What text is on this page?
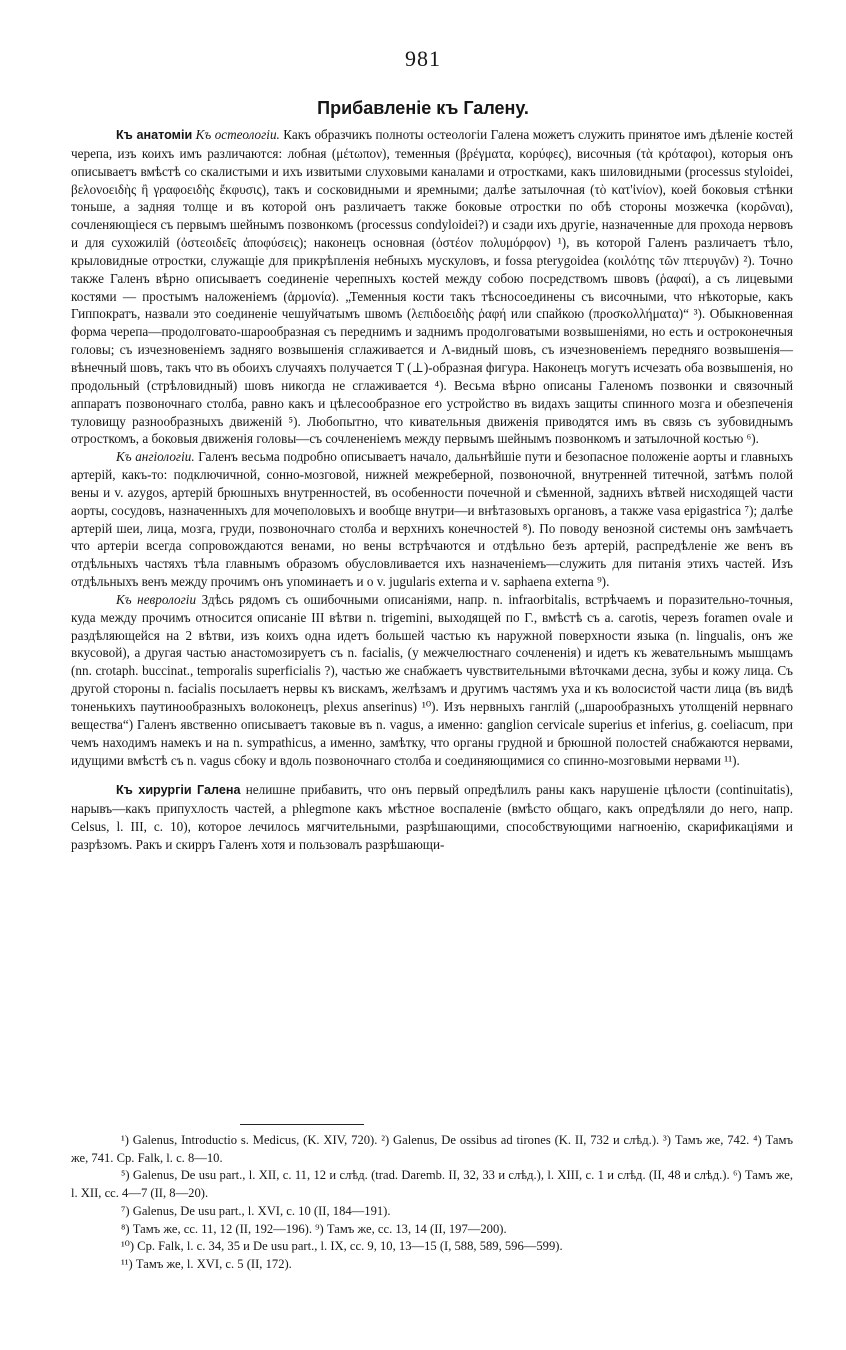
981
Прибавленіе къ Галену.

Къ анатоміи Къ остеологіи. Какъ образчикъ полноты остеологіи Галена можетъ служить принятое имъ дѣленіе костей черепа, изъ коихъ имъ различаются: лобная (μέτωπον), теменныя (βρέγματα, κορύφες), височныя (τὰ κρόταφοι), которыя онъ описываетъ вмѣстѣ со скалистыми и ихъ извитыми слуховыми каналами и отростками, какъ шиловидными (processus styloidei, βελονοειδὴς ἢ γραφοειδὴς ἔκφυσις), такъ и сосковидными и яремными; далѣе затылочная (τὸ κατ'ἰνίον), коей боковыя стѣнки тоньше, а задняя толще и въ которой онъ различаетъ также боковые отростки по обѣ стороны мозжечка (κορῶναι), сочленяющіеся съ первымъ шейнымъ позвонкомъ (processus condyloidei?) и сзади ихъ другіе, назначенные для прохода нервовъ и для сухожилій (ὀστεοιδεῖς ἀποφύσεις); наконецъ основная (ὀστέον πολυμόρφον) ¹), въ которой Галенъ различаетъ тѣло, крыловидные отростки, служащіе для прикрѣпленія небныхъ мускуловъ, и fossa pterygoidea (κοιλότης τῶν πτερυγῶν) ²). Точно также Галенъ вѣрно описываетъ соединеніе черепныхъ костей между собою посредствомъ швовъ (ῥαφαί), а съ лицевыми костями — простымъ наложеніемъ (ἁρμονία). „Теменныя кости такъ тѣсносоединены съ височными, что нѣкоторые, какъ Гиппократъ, назвали это соединеніе чешуйчатымъ швомъ (λεπιδοειδὴς ῥαφή или спайкою (προσκολλήματα)“ ³). Обыкновенная форма черепа—продолговато-шарообразная съ переднимъ и заднимъ продолговатыми возвышеніями, но есть и остроконечныя головы; съ изчезновеніемъ задняго возвышенія сглаживается и Λ-видный шовъ, съ изчезновеніемъ передняго возвышенія—вѣнечный шовъ, такъ что въ обоихъ случаяхъ получается Т (⊥)-образная фигура. Наконецъ могутъ исчезать оба возвышенія, но продольный (стрѣловидный) шовъ никогда не сглаживается ⁴). Весьма вѣрно описаны Галеномъ позвонки и связочный аппаратъ позвоночнаго столба, равно какъ и цѣлесообразное его устройство въ видахъ защиты спинного мозга и обезпеченія туловищу разнообразныхъ движеній ⁵). Любопытно, что кивательныя движенія приводятся имъ въ связь съ зубовиднымъ отросткомъ, а боковыя движенія головы—съ сочлененіемъ между первымъ шейнымъ позвонкомъ и затылочной костью ⁶).

Къ ангіологіи. Галенъ весьма подробно описываетъ начало, дальнѣйшіе пути и безопасное положеніе аорты и главныхъ артерій, какъ-то: подключичной, сонно-мозговой, нижней межреберной, позвоночной, внутренней титечной, затѣмъ полой вены и v. azygos, артерій брюшныхъ внутренностей, въ особенности почечной и сѣменной, заднихъ вѣтвей нисходящей части аорты, сосудовъ, назначенныхъ для мочеполовыхъ и вообще внутри—и внѣтазовыхъ органовъ, а также vasa epigastrica ⁷); далѣе артерій шеи, лица, мозга, груди, позвоночнаго столба и верхнихъ конечностей ⁸). По поводу венозной системы онъ замѣчаетъ что артеріи всегда сопровождаются венами, но вены встрѣчаются и отдѣльно безъ артерій, распредѣленіе же венъ въ отдѣльныхъ частяхъ тѣла главнымъ образомъ обусловливается ихъ назначеніемъ—служить для питанія этихъ частей. Изъ отдѣльныхъ венъ между прочимъ онъ упоминаетъ и о v. jugularis externa и v. saphaena externa ⁹).

Къ неврологіи Здѣсь рядомъ съ ошибочными описаніями, напр. n. infraorbitalis, встрѣчаемъ и поразительно-точныя, куда между прочимъ относится описаніе III вѣтви n. trigemini, выходящей по Г., вмѣстѣ съ a. carotis, черезъ foramen ovale и раздѣляющейся на 2 вѣтви, изъ коихъ одна идетъ большей частью къ наружной поверхности языка (n. lingualis, онъ же вкусовой), а другая частью анастомозируетъ съ n. facialis, (у межчелюстнаго сочлененія) и идетъ къ жевательнымъ мышцамъ (nn. crotaph. buccinat., temporalis superficialis ?), частью же снабжаетъ чувствительными вѣточками десна, зубы и кожу лица. Съ другой стороны n. facialis посылаетъ нервы къ вискамъ, желѣзамъ и другимъ частямъ уха и къ волосистой части лица (въ видѣ тоненькихъ паутинообразныхъ волоконецъ, plexus anserinus) ¹⁰). Изъ нервныхъ ганглій („шарообразныхъ утолщеній нервнаго вещества“) Галенъ явственно описываетъ таковые въ n. vagus, а именно: ganglion cervicale superius et inferius, g. coeliacum, при чемъ находимъ намекъ и на n. sympathicus, а именно, замѣтку, что органы грудной и брюшной полостей снабжаются нервами, идущими вмѣстѣ съ n. vagus сбоку и вдоль позвоночнаго столба и соединяющимися со спинно-мозговыми нервами ¹¹).

Къ хирургіи Галена нелишне прибавить, что онъ первый опредѣлилъ раны какъ нарушеніе цѣлости (continuitatis), нарывъ—какъ припухлость частей, а phlegmone какъ мѣстное воспаленіе (вмѣсто общаго, какъ опредѣляли до него, напр. Celsus, l. III, c. 10), которое лечилось мягчительными, разрѣшающими, способствующими нагноенію, скарификаціями и разрѣзомъ. Ракъ и скирръ Галенъ хотя и пользовалъ разрѣшающи-

¹) Galenus, Introductio s. Medicus, (K. XIV, 720). ²) Galenus, De ossibus ad tirones (K. II, 732 и слѣд.). ³) Тамъ же, 742. ⁴) Тамъ же, 741. Ср. Falk, l. c. 8—10.

⁵) Galenus, De usu part., l. XII, c. 11, 12 и слѣд. (trad. Daremb. II, 32, 33 и слѣд.), l. XIII, c. 1 и слѣд. (II, 48 и слѣд.). ⁶) Тамъ же, l. XII, cc. 4—7 (II, 8—20).

⁷) Galenus, De usu part., l. XVI, c. 10 (II, 184—191).

⁸) Тамъ же, cc. 11, 12 (II, 192—196). ⁹) Тамъ же, cc. 13, 14 (II, 197—200).

¹⁰) Ср. Falk, l. c. 34, 35 и De usu part., l. IX, cc. 9, 10, 13—15 (I, 588, 589, 596—599).

¹¹) Тамъ же, l. XVI, c. 5 (II, 172).
